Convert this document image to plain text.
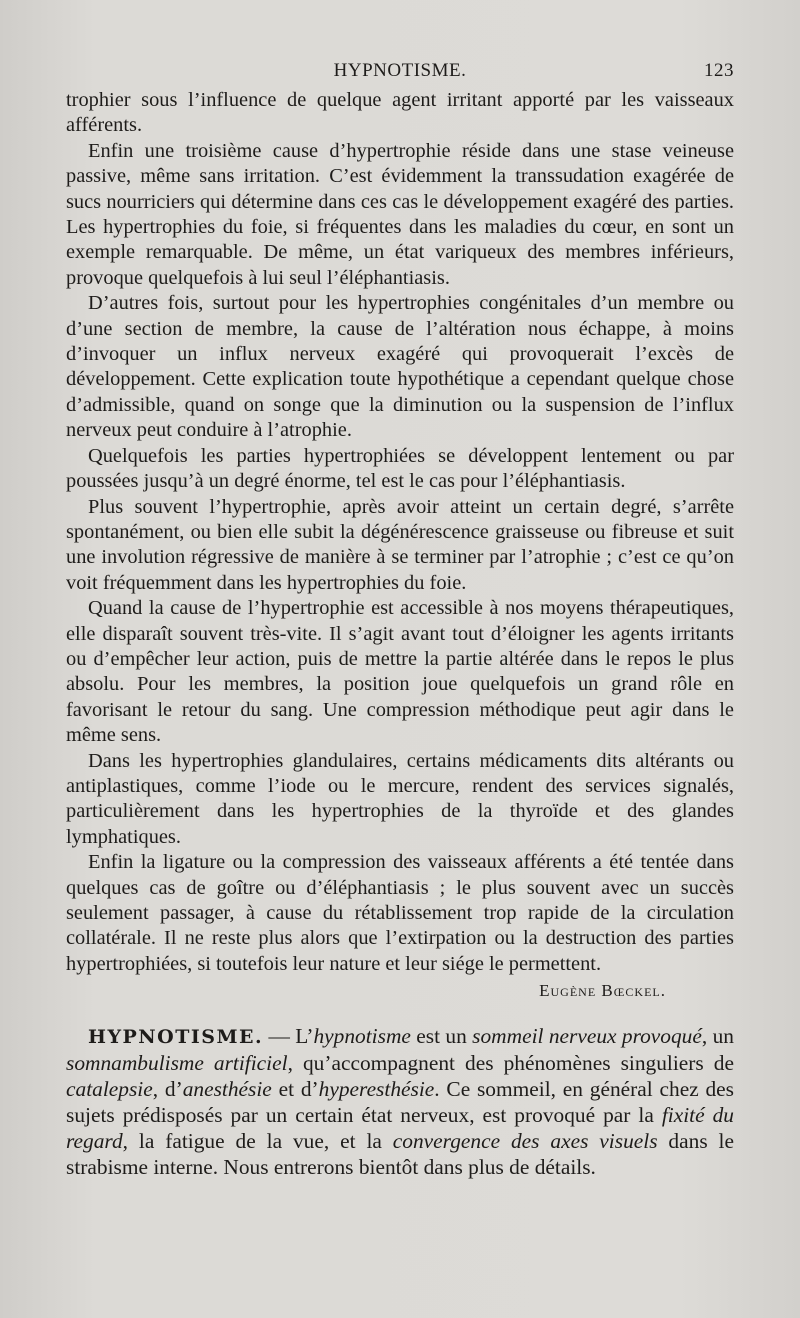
HYPNOTISME.	123

trophier sous l’influence de quelque agent irritant apporté par les vaisseaux afférents.

Enfin une troisième cause d’hypertrophie réside dans une stase veineuse passive, même sans irritation. C’est évidemment la transsudation exagérée de sucs nourriciers qui détermine dans ces cas le développement exagéré des parties. Les hypertrophies du foie, si fréquentes dans les maladies du cœur, en sont un exemple remarquable. De même, un état variqueux des membres inférieurs, provoque quelquefois à lui seul l’éléphantiasis.

D’autres fois, surtout pour les hypertrophies congénitales d’un membre ou d’une section de membre, la cause de l’altération nous échappe, à moins d’invoquer un influx nerveux exagéré qui provoquerait l’excès de développement. Cette explication toute hypothétique a cependant quelque chose d’admissible, quand on songe que la diminution ou la suspension de l’influx nerveux peut conduire à l’atrophie.

Quelquefois les parties hypertrophiées se développent lentement ou par poussées jusqu’à un degré énorme, tel est le cas pour l’éléphantiasis.

Plus souvent l’hypertrophie, après avoir atteint un certain degré, s’arrête spontanément, ou bien elle subit la dégénérescence graisseuse ou fibreuse et suit une involution régressive de manière à se terminer par l’atrophie ; c’est ce qu’on voit fréquemment dans les hypertrophies du foie.

Quand la cause de l’hypertrophie est accessible à nos moyens thérapeutiques, elle disparaît souvent très-vite. Il s’agit avant tout d’éloigner les agents irritants ou d’empêcher leur action, puis de mettre la partie altérée dans le repos le plus absolu. Pour les membres, la position joue quelquefois un grand rôle en favorisant le retour du sang. Une compression méthodique peut agir dans le même sens.

Dans les hypertrophies glandulaires, certains médicaments dits altérants ou antiplastiques, comme l’iode ou le mercure, rendent des services signalés, particulièrement dans les hypertrophies de la thyroïde et des glandes lymphatiques.

Enfin la ligature ou la compression des vaisseaux afférents a été tentée dans quelques cas de goître ou d’éléphantiasis ; le plus souvent avec un succès seulement passager, à cause du rétablissement trop rapide de la circulation collatérale. Il ne reste plus alors que l’extirpation ou la destruction des parties hypertrophiées, si toutefois leur nature et leur siége le permettent.

Eugène Bœckel.

HYPNOTISME. — L’hypnotisme est un sommeil nerveux provoqué, un somnambulisme artificiel, qu’accompagnent des phénomènes singuliers de catalepsie, d’anesthésie et d’hyperesthésie. Ce sommeil, en général chez des sujets prédisposés par un certain état nerveux, est provoqué par la fixité du regard, la fatigue de la vue, et la convergence des axes visuels dans le strabisme interne. Nous entrerons bientôt dans plus de détails.
